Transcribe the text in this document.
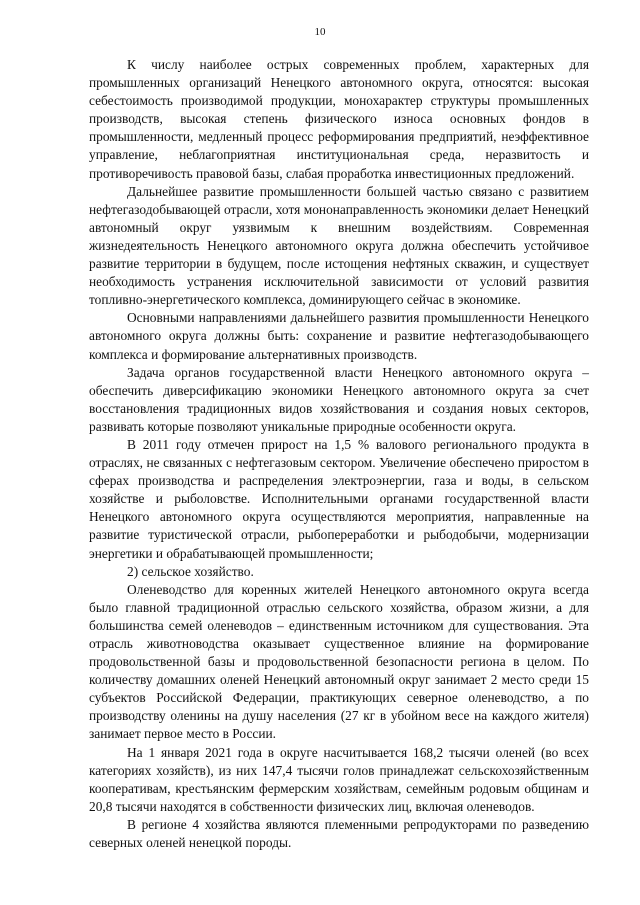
10

К числу наиболее острых современных проблем, характерных для промышленных организаций Ненецкого автономного округа, относятся: высокая себестоимость производимой продукции, монохарактер структуры промышленных производств, высокая степень физического износа основных фондов в промышленности, медленный процесс реформирования предприятий, неэффективное управление, неблагоприятная институциональная среда, неразвитость и противоречивость правовой базы, слабая проработка инвестиционных предложений.

Дальнейшее развитие промышленности большей частью связано с развитием нефтегазодобывающей отрасли, хотя мононаправленность экономики делает Ненецкий автономный округ уязвимым к внешним воздействиям. Современная жизнедеятельность Ненецкого автономного округа должна обеспечить устойчивое развитие территории в будущем, после истощения нефтяных скважин, и существует необходимость устранения исключительной зависимости от условий развития топливно-энергетического комплекса, доминирующего сейчас в экономике.

Основными направлениями дальнейшего развития промышленности Ненецкого автономного округа должны быть: сохранение и развитие нефтегазодобывающего комплекса и формирование альтернативных производств.

Задача органов государственной власти Ненецкого автономного округа – обеспечить диверсификацию экономики Ненецкого автономного округа за счет восстановления традиционных видов хозяйствования и создания новых секторов, развивать которые позволяют уникальные природные особенности округа.

В 2011 году отмечен прирост на 1,5 % валового регионального продукта в отраслях, не связанных с нефтегазовым сектором. Увеличение обеспечено приростом в сферах производства и распределения электроэнергии, газа и воды, в сельском хозяйстве и рыболовстве. Исполнительными органами государственной власти Ненецкого автономного округа осуществляются мероприятия, направленные на развитие туристической отрасли, рыбопереработки и рыбодобычи, модернизации энергетики и обрабатывающей промышленности;

2) сельское хозяйство.

Оленеводство для коренных жителей Ненецкого автономного округа всегда было главной традиционной отраслью сельского хозяйства, образом жизни, а для большинства семей оленеводов – единственным источником для существования. Эта отрасль животноводства оказывает существенное влияние на формирование продовольственной базы и продовольственной безопасности региона в целом. По количеству домашних оленей Ненецкий автономный округ занимает 2 место среди 15 субъектов Российской Федерации, практикующих северное оленеводство, а по производству оленины на душу населения (27 кг в убойном весе на каждого жителя) занимает первое место в России.

На 1 января 2021 года в округе насчитывается 168,2 тысячи оленей (во всех категориях хозяйств), из них 147,4 тысячи голов принадлежат сельскохозяйственным кооперативам, крестьянским фермерским хозяйствам, семейным родовым общинам и 20,8 тысячи находятся в собственности физических лиц, включая оленеводов.

В регионе 4 хозяйства являются племенными репродукторами по разведению северных оленей ненецкой породы.
